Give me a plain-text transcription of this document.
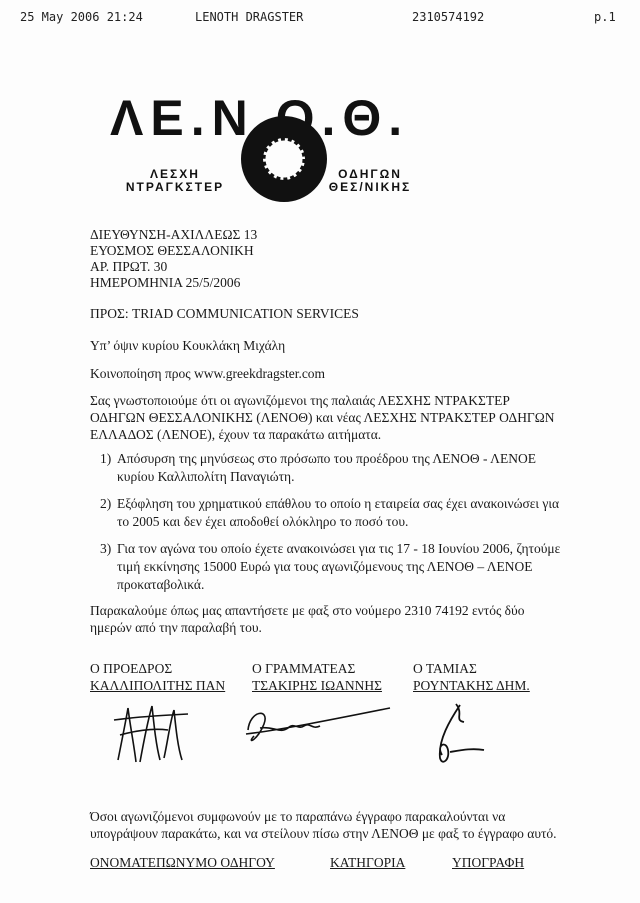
25 May 2006 21:24	LENOTH DRAGSTER	2310574192	p.1
ΛΕ.Ν.Ο.Θ.
ΛΕΣΧΗ
ΝΤΡΑΓΚΣΤΕΡ
ΟΔΗΓΩΝ
ΘΕΣ/ΝΙΚΗΣ
ΔΙΕΥΘΥΝΣΗ-ΑΧΙΛΛΕΩΣ 13
ΕΥΟΣΜΟΣ ΘΕΣΣΑΛΟΝΙΚΗ
ΑΡ. ΠΡΩΤ. 30
ΗΜΕΡΟΜΗΝΙΑ 25/5/2006
ΠΡΟΣ: TRIAD COMMUNICATION SERVICES
Υπ’ όψιν κυρίου Κουκλάκη Μιχάλη
Κοινοποίηση προς www.greekdragster.com
Σας γνωστοποιούμε ότι οι αγωνιζόμενοι της παλαιάς ΛΕΣΧΗΣ ΝΤΡΑΚΣΤΕΡ ΟΔΗΓΩΝ ΘΕΣΣΑΛΟΝΙΚΗΣ (ΛΕΝΟΘ) και νέας ΛΕΣΧΗΣ ΝΤΡΑΚΣΤΕΡ ΟΔΗΓΩΝ ΕΛΛΑΔΟΣ (ΛΕΝΟΕ), έχουν τα παρακάτω αιτήματα.
1) Απόσυρση της μηνύσεως στο πρόσωπο του προέδρου της ΛΕΝΟΘ - ΛΕΝΟΕ κυρίου Καλλιπολίτη Παναγιώτη.
2) Εξόφληση του χρηματικού επάθλου το οποίο η εταιρεία σας έχει ανακοινώσει για το 2005 και δεν έχει αποδοθεί ολόκληρο το ποσό του.
3) Για τον αγώνα του οποίο έχετε ανακοινώσει για τις 17 - 18 Ιουνίου 2006, ζητούμε τιμή εκκίνησης 15000 Ευρώ για τους αγωνιζόμενους της ΛΕΝΟΘ – ΛΕΝΟΕ προκαταβολικά.
Παρακαλούμε όπως μας απαντήσετε με φαξ στο νούμερο 2310 74192 εντός δύο ημερών από την παραλαβή του.
Ο ΠΡΟΕΔΡΟΣ
ΚΑΛΛΙΠΟΛΙΤΗΣ ΠΑΝ
Ο ΓΡΑΜΜΑΤΕΑΣ
ΤΣΑΚΙΡΗΣ ΙΩΑΝΝΗΣ
Ο ΤΑΜΙΑΣ
ΡΟΥΝΤΑΚΗΣ ΔΗΜ.
Όσοι αγωνιζόμενοι συμφωνούν με το παραπάνω έγγραφο παρακαλούνται να υπογράψουν παρακάτω, και να στείλουν πίσω στην ΛΕΝΟΘ με φαξ το έγγραφο αυτό.
ΟΝΟΜΑΤΕΠΩΝΥΜΟ ΟΔΗΓΟΥ	ΚΑΤΗΓΟΡΙΑ	ΥΠΟΓΡΑΦΗ
